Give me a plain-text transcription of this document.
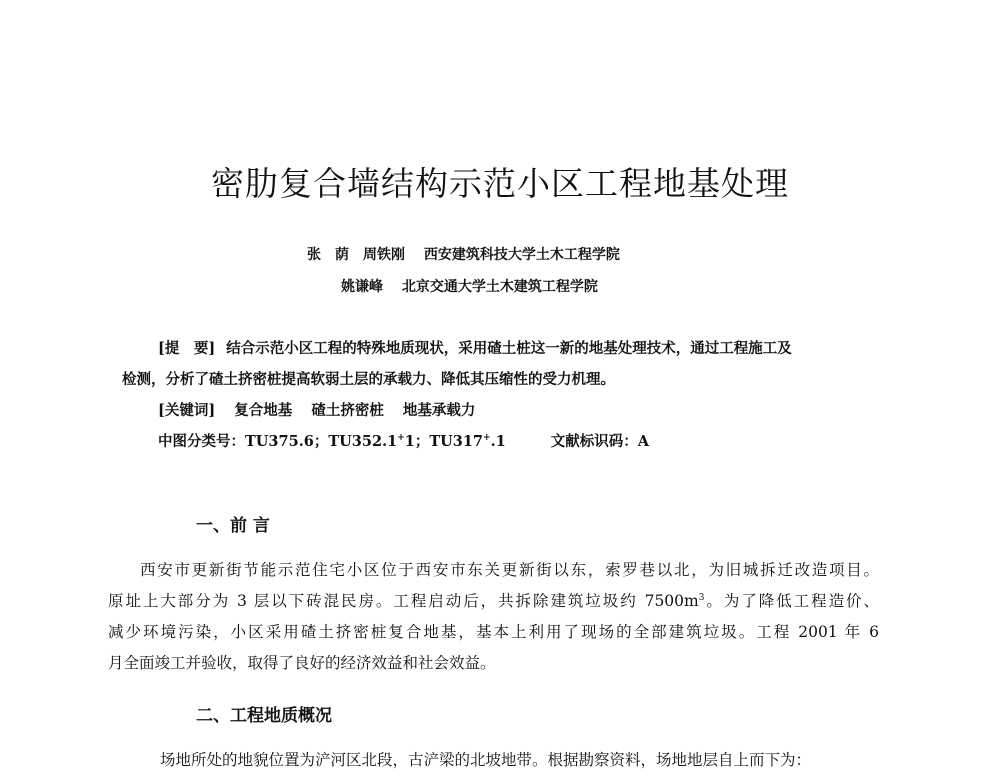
密肋复合墙结构示范小区工程地基处理
张　荫　周铁刚 西安建筑科技大学土木工程学院
姚谦峰 北京交通大学土木建筑工程学院
[提　要] 结合示范小区工程的特殊地质现状，采用碴土桩这一新的地基处理技术，通过工程施工及
检测，分析了碴土挤密桩提高软弱土层的承载力、降低其压缩性的受力机理。
[关键词] 复合地基 碴土挤密桩 地基承载力
中图分类号：TU375.6；TU352.1+1；TU317+.1	文献标识码：A
一、前 言
西安市更新街节能示范住宅小区位于西安市东关更新街以东，索罗巷以北，为旧城拆迁改造项目。
原址上大部分为 3 层以下砖混民房。工程启动后，共拆除建筑垃圾约 $7500m^3$。为了降低工程造价、
减少环境污染，小区采用碴土挤密桩复合地基，基本上利用了现场的全部建筑垃圾。工程 2001 年 6
月全面竣工并验收，取得了良好的经济效益和社会效益。
二、工程地质概况
场地所处的地貌位置为浐河区北段，古浐梁的北坡地带。根据勘察资料，场地地层自上而下为：
